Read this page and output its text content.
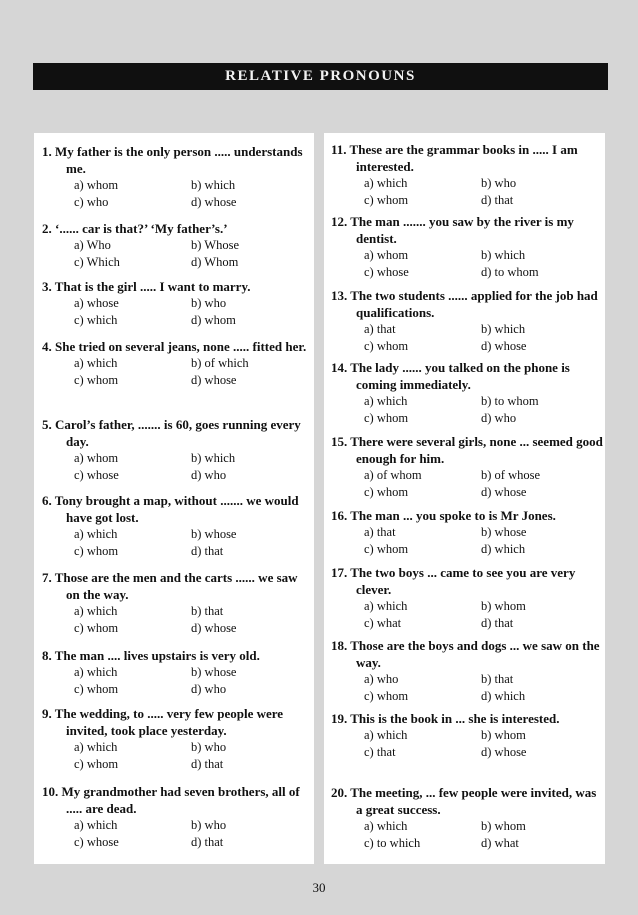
RELATIVE PRONOUNS
1. My father is the only person ..... understands me.
a) whom	b) which
c) who	d) whose
2. ‘...... car is that?’ ‘My father’s.’
a) Who	b) Whose
c) Which	d) Whom
3. That is the girl ..... I want to marry.
a) whose	b) who
c) which	d) whom
4. She tried on several jeans, none ..... fitted her.
a) which	b) of which
c) whom	d) whose
5. Carol’s father, ....... is 60, goes running every day.
a) whom	b) which
c) whose	d) who
6. Tony brought a map, without ....... we would have got lost.
a) which	b) whose
c) whom	d) that
7. Those are the men and the carts ...... we saw on the way.
a) which	b) that
c) whom	d) whose
8. The man .... lives upstairs is very old.
a) which	b) whose
c) whom	d) who
9. The wedding, to ..... very few people were invited, took place yesterday.
a) which	b) who
c) whom	d) that
10. My grandmother had seven brothers, all of ..... are dead.
a) which	b) who
c) whose	d) that
11. These are the grammar books in ..... I am interested.
a) which	b) who
c) whom	d) that
12. The man ....... you saw by the river is my dentist.
a) whom	b) which
c) whose	d) to whom
13. The two students ...... applied for the job had qualifications.
a) that	b) which
c) whom	d) whose
14. The lady ...... you talked on the phone is coming immediately.
a) which	b) to whom
c) whom	d) who
15. There were several girls, none ... seemed good enough for him.
a) of whom	b) of whose
c) whom	d) whose
16. The man ... you spoke to is Mr Jones.
a) that	b) whose
c) whom	d) which
17. The two boys ... came to see you are very clever.
a) which	b) whom
c) what	d) that
18. Those are the boys and dogs ... we saw on the way.
a) who	b) that
c) whom	d) which
19. This is the book in ... she is interested.
a) which	b) whom
c) that	d) whose
20. The meeting, ... few people were invited, was a great success.
a) which	b) whom
c) to which	d) what
30
